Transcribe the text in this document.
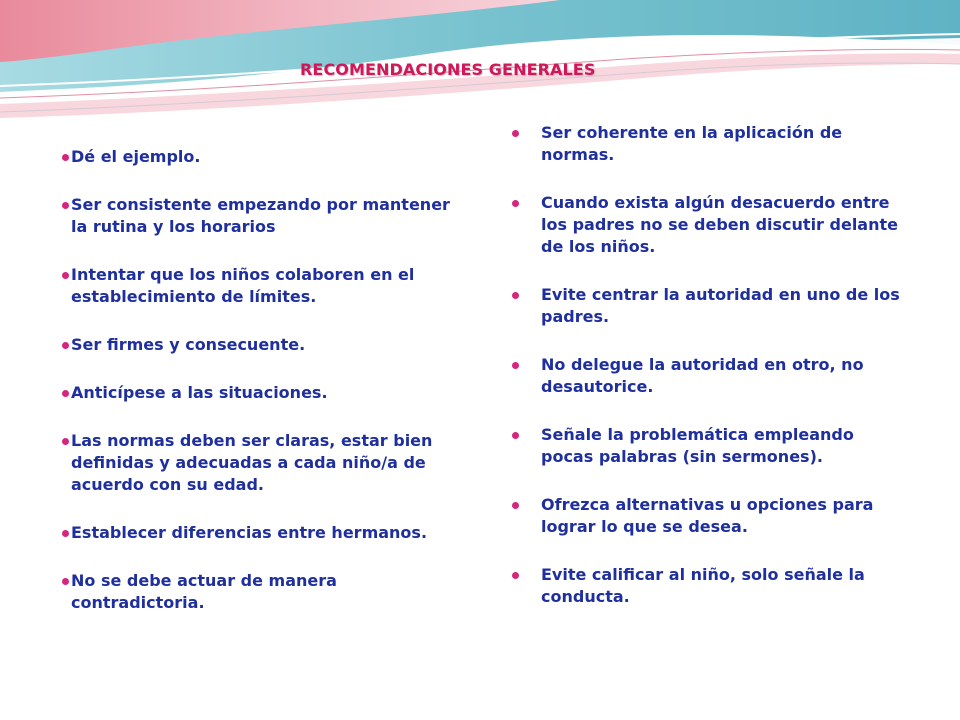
RECOMENDACIONES GENERALES
Dé el ejemplo.
Ser consistente empezando por mantener la rutina y los horarios
Intentar que los niños colaboren en el establecimiento de límites.
Ser firmes y consecuente.
Anticípese a las situaciones.
Las normas deben ser claras, estar bien definidas y adecuadas a cada niño/a de acuerdo con su edad.
Establecer diferencias entre hermanos.
No se debe actuar de manera contradictoria.
Ser coherente en la aplicación de normas.
Cuando exista algún desacuerdo entre los padres no se deben discutir delante de los niños.
Evite centrar la autoridad en uno de los padres.
No delegue la autoridad en otro, no desautorice.
Señale la problemática empleando pocas palabras (sin sermones).
Ofrezca alternativas u opciones para lograr lo que se desea.
Evite calificar al niño, solo señale la conducta.
